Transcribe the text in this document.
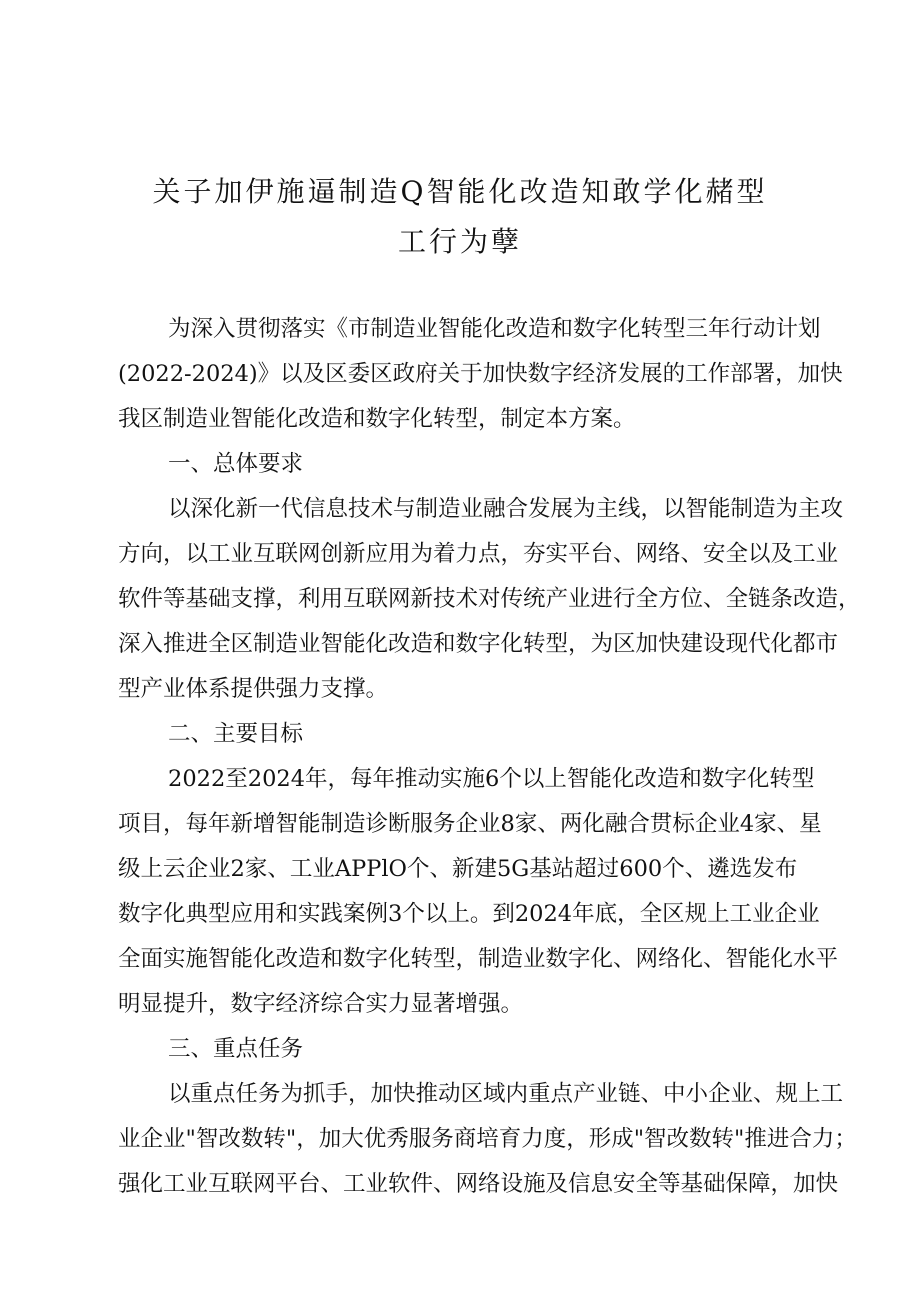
关子加伊施逼制造Q智能化改造知敢学化赭型
工行为孽
为深入贯彻落实《市制造业智能化改造和数字化转型三年行动计划
(2022-2024)》以及区委区政府关于加快数字经济发展的工作部署，加快
我区制造业智能化改造和数字化转型，制定本方案。
一、总体要求
以深化新一代信息技术与制造业融合发展为主线，以智能制造为主攻
方向，以工业互联网创新应用为着力点，夯实平台、网络、安全以及工业
软件等基础支撑，利用互联网新技术对传统产业进行全方位、全链条改造，
深入推进全区制造业智能化改造和数字化转型，为区加快建设现代化都市
型产业体系提供强力支撑。
二、主要目标
2022至2024年，每年推动实施6个以上智能化改造和数字化转型
项目，每年新增智能制造诊断服务企业8家、两化融合贯标企业4家、星
级上云企业2家、工业APPlO个、新建5G基站超过600个、遴选发布
数字化典型应用和实践案例3个以上。到2024年底，全区规上工业企业
全面实施智能化改造和数字化转型，制造业数字化、网络化、智能化水平
明显提升，数字经济综合实力显著增强。
三、重点任务
以重点任务为抓手，加快推动区域内重点产业链、中小企业、规上工
业企业"智改数转"，加大优秀服务商培育力度，形成"智改数转"推进合力；
强化工业互联网平台、工业软件、网络设施及信息安全等基础保障，加快
